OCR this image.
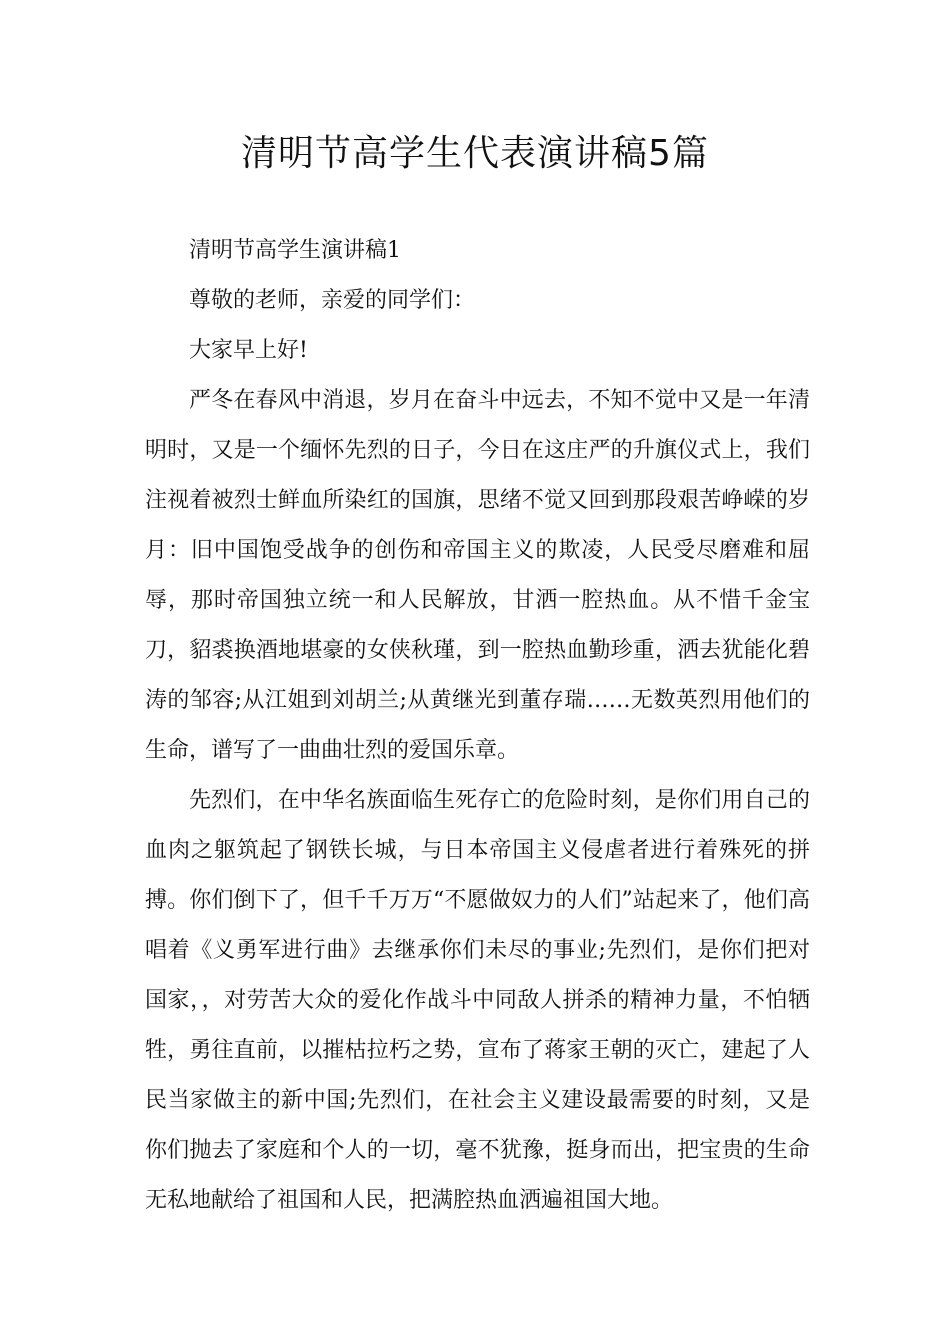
清明节高学生代表演讲稿5篇

清明节高学生演讲稿1

尊敬的老师，亲爱的同学们：

大家早上好!

严冬在春风中消退，岁月在奋斗中远去，不知不觉中又是一年清明时，又是一个缅怀先烈的日子，今日在这庄严的升旗仪式上，我们注视着被烈士鲜血所染红的国旗，思绪不觉又回到那段艰苦峥嵘的岁月：旧中国饱受战争的创伤和帝国主义的欺凌，人民受尽磨难和屈辱，那时帝国独立统一和人民解放，甘洒一腔热血。从不惜千金宝刀，貂裘换酒地堪豪的女侠秋瑾，到一腔热血勤珍重，洒去犹能化碧涛的邹容;从江姐到刘胡兰;从黄继光到董存瑞……无数英烈用他们的生命，谱写了一曲曲壮烈的爱国乐章。

先烈们，在中华名族面临生死存亡的危险时刻，是你们用自己的血肉之躯筑起了钢铁长城，与日本帝国主义侵虐者进行着殊死的拼搏。你们倒下了，但千千万万“不愿做奴力的人们”站起来了，他们高唱着《义勇军进行曲》去继承你们未尽的事业;先烈们，是你们把对国家，，对劳苦大众的爱化作战斗中同敌人拼杀的精神力量，不怕牺牲，勇往直前，以摧枯拉朽之势，宣布了蒋家王朝的灭亡，建起了人民当家做主的新中国;先烈们，在社会主义建设最需要的时刻，又是你们抛去了家庭和个人的一切，毫不犹豫，挺身而出，把宝贵的生命无私地献给了祖国和人民，把满腔热血洒遍祖国大地。
